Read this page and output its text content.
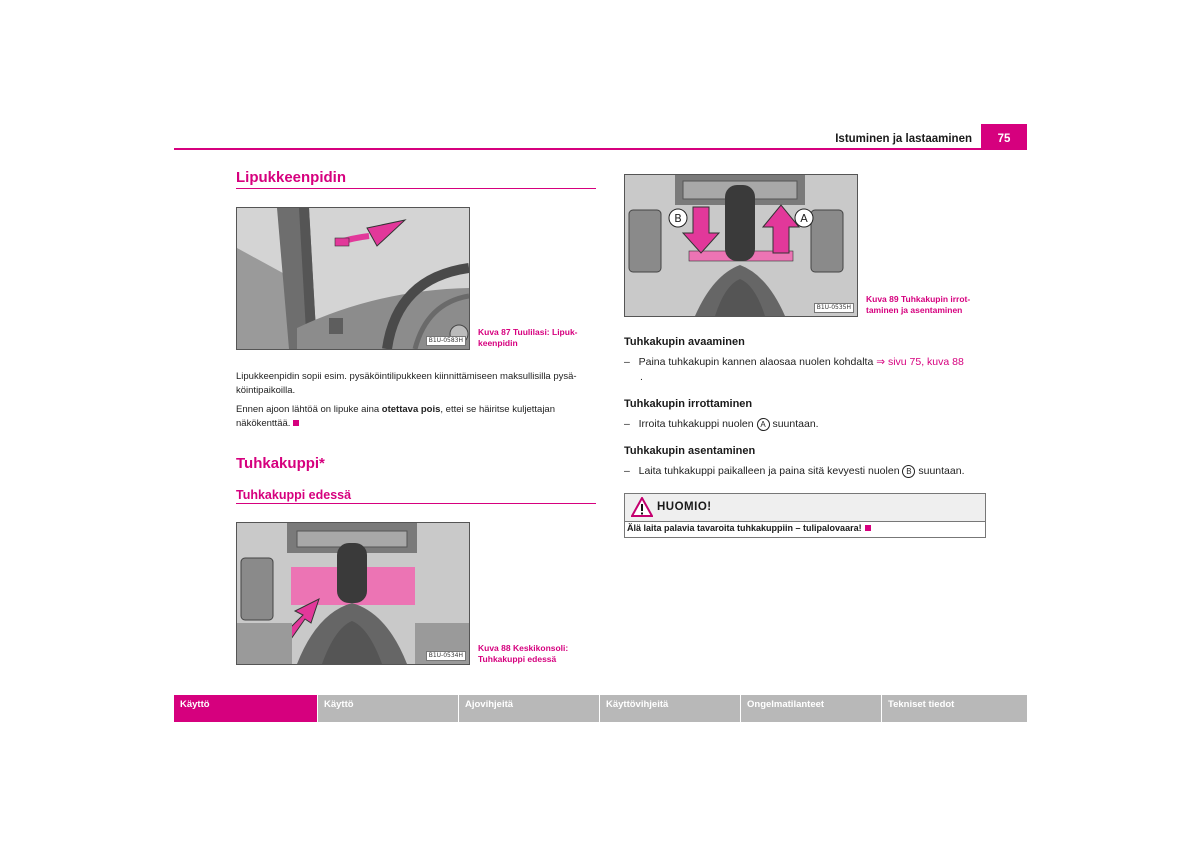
Istuminen ja lastaaminen	75
Lipukkeenpidin
B1U-0583H
Kuva 87 Tuulilasi: Lipuk-
keenpidin
Lipukkeenpidin sopii esim. pysäköintilipukkeen kiinnittämiseen maksullisilla pysä-
köintipaikoilla.
Ennen ajoon lähtöä on lipuke aina otettava pois, ettei se häiritse kuljettajan
näkökenttää.
Tuhkakuppi*
Tuhkakuppi edessä
B1U-0534H
Kuva 88 Keskikonsoli:
Tuhkakuppi edessä
B	A
B1U-0535H
Kuva 89 Tuhkakupin irrot-
taminen ja asentaminen
Tuhkakupin avaaminen
– Paina tuhkakupin kannen alaosaa nuolen kohdalta ⇒ sivu 75, kuva 88
.
Tuhkakupin irrottaminen
– Irroita tuhkakuppi nuolen A suuntaan.
Tuhkakupin asentaminen
– Laita tuhkakuppi paikalleen ja paina sitä kevyesti nuolen B suuntaan.
HUOMIO!
Älä laita palavia tavaroita tuhkakuppiin – tulipalovaara!
Käyttö	Käyttö	Ajovihjeitä	Käyttövihjeitä	Ongelmatilanteet	Tekniset tiedot
